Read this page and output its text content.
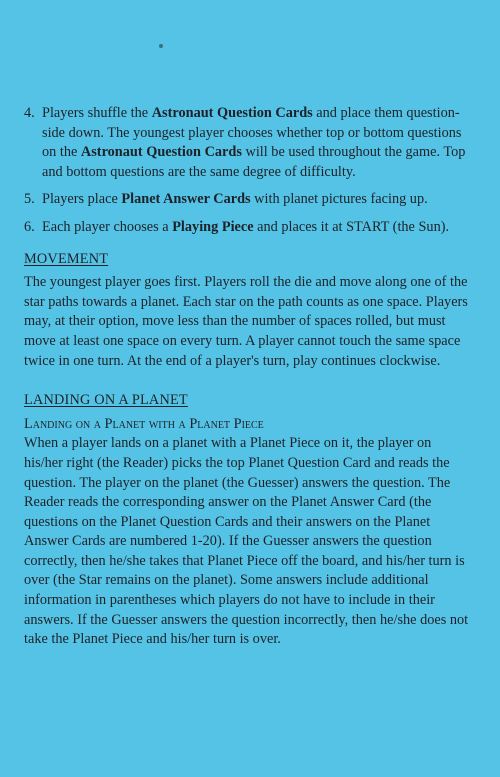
4. Players shuffle the Astronaut Question Cards and place them question-side down. The youngest player chooses whether top or bottom questions on the Astronaut Question Cards will be used throughout the game. Top and bottom questions are the same degree of difficulty.
5. Players place Planet Answer Cards with planet pictures facing up.
6. Each player chooses a Playing Piece and places it at START (the Sun).
MOVEMENT

The youngest player goes first. Players roll the die and move along one of the star paths towards a planet. Each star on the path counts as one space. Players may, at their option, move less than the number of spaces rolled, but must move at least one space on every turn. A player cannot touch the same space twice in one turn. At the end of a player's turn, play continues clockwise.

LANDING ON A PLANET
Landing on a Planet with a Planet Piece

When a player lands on a planet with a Planet Piece on it, the player on his/her right (the Reader) picks the top Planet Question Card and reads the question. The player on the planet (the Guesser) answers the question. The Reader reads the corresponding answer on the Planet Answer Card (the questions on the Planet Question Cards and their answers on the Planet Answer Cards are numbered 1-20). If the Guesser answers the question correctly, then he/she takes that Planet Piece off the board, and his/her turn is over (the Star remains on the planet). Some answers include additional information in parentheses which players do not have to include in their answers. If the Guesser answers the question incorrectly, then he/she does not take the Planet Piece and his/her turn is over.
